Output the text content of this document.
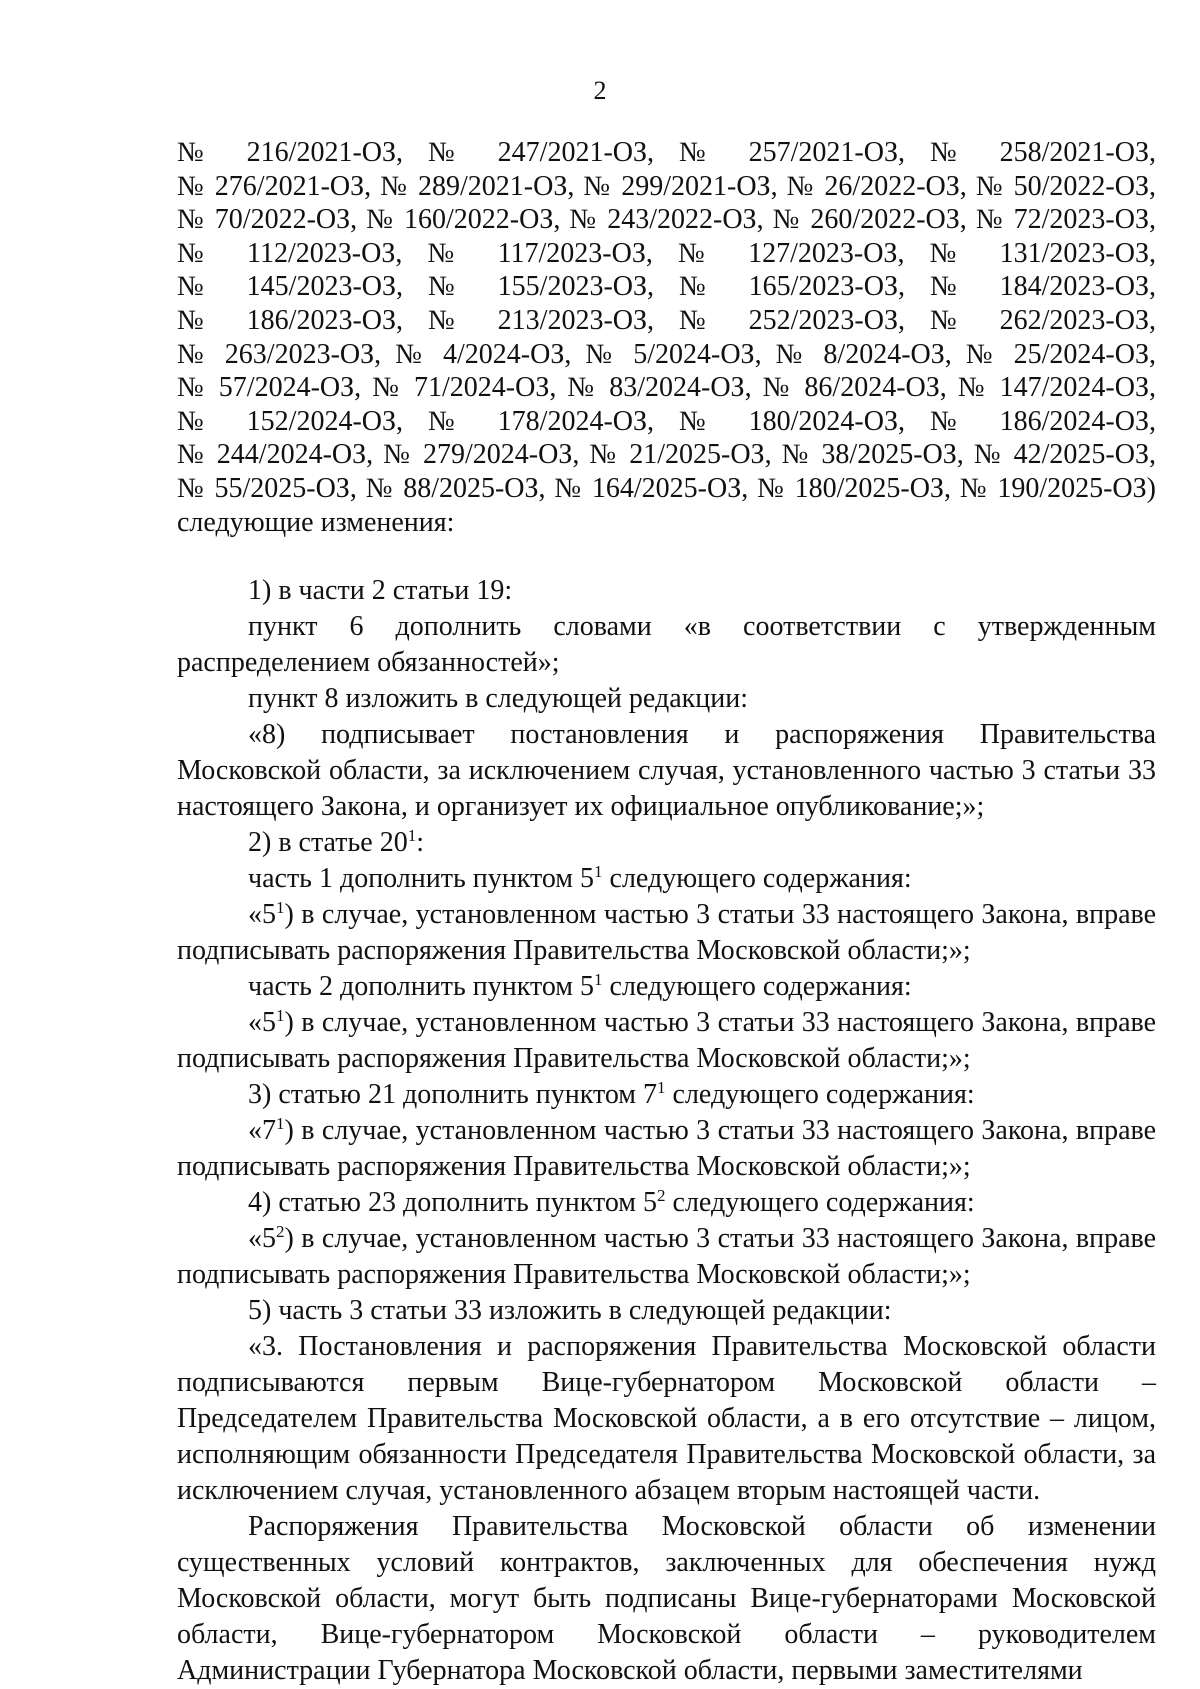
2

№ 216/2021-ОЗ, № 247/2021-ОЗ, № 257/2021-ОЗ, № 258/2021-ОЗ,

№ 276/2021-ОЗ, № 289/2021-ОЗ, № 299/2021-ОЗ, № 26/2022-ОЗ, № 50/2022-ОЗ,

№ 70/2022-ОЗ, № 160/2022-ОЗ, № 243/2022-ОЗ, № 260/2022-ОЗ, № 72/2023-ОЗ,

№ 112/2023-ОЗ, № 117/2023-ОЗ, № 127/2023-ОЗ, № 131/2023-ОЗ,

№ 145/2023-ОЗ, № 155/2023-ОЗ, № 165/2023-ОЗ, № 184/2023-ОЗ,

№ 186/2023-ОЗ, № 213/2023-ОЗ, № 252/2023-ОЗ, № 262/2023-ОЗ,

№ 263/2023-ОЗ, № 4/2024-ОЗ, № 5/2024-ОЗ, № 8/2024-ОЗ, № 25/2024-ОЗ,

№ 57/2024-ОЗ, № 71/2024-ОЗ, № 83/2024-ОЗ, № 86/2024-ОЗ, № 147/2024-ОЗ,

№ 152/2024-ОЗ, № 178/2024-ОЗ, № 180/2024-ОЗ, № 186/2024-ОЗ,

№ 244/2024-ОЗ, № 279/2024-ОЗ, № 21/2025-ОЗ, № 38/2025-ОЗ, № 42/2025-ОЗ,

№ 55/2025-ОЗ, № 88/2025-ОЗ, № 164/2025-ОЗ, № 180/2025-ОЗ, № 190/2025-ОЗ)

следующие изменения:

1) в части 2 статьи 19:

пункт 6 дополнить словами «в соответствии с утвержденным распределением обязанностей»;

пункт 8 изложить в следующей редакции:

«8) подписывает постановления и распоряжения Правительства Московской области, за исключением случая, установленного частью 3 статьи 33 настоящего Закона, и организует их официальное опубликование;»;

2) в статье $20^1$:

часть 1 дополнить пунктом $5^1$ следующего содержания:

«$5^1$) в случае, установленном частью 3 статьи 33 настоящего Закона, вправе подписывать распоряжения Правительства Московской области;»;

часть 2 дополнить пунктом $5^1$ следующего содержания:

«$5^1$) в случае, установленном частью 3 статьи 33 настоящего Закона, вправе подписывать распоряжения Правительства Московской области;»;

3) статью 21 дополнить пунктом $7^1$ следующего содержания:

«$7^1$) в случае, установленном частью 3 статьи 33 настоящего Закона, вправе подписывать распоряжения Правительства Московской области;»;

4) статью 23 дополнить пунктом $5^2$ следующего содержания:

«$5^2$) в случае, установленном частью 3 статьи 33 настоящего Закона, вправе подписывать распоряжения Правительства Московской области;»;

5) часть 3 статьи 33 изложить в следующей редакции:

«3. Постановления и распоряжения Правительства Московской области подписываются первым Вице-губернатором Московской области – Председателем Правительства Московской области, а в его отсутствие – лицом, исполняющим обязанности Председателя Правительства Московской области, за исключением случая, установленного абзацем вторым настоящей части.

Распоряжения Правительства Московской области об изменении существенных условий контрактов, заключенных для обеспечения нужд Московской области, могут быть подписаны Вице-губернаторами Московской области, Вице-губернатором Московской области – руководителем Администрации Губернатора Московской области, первыми заместителями
